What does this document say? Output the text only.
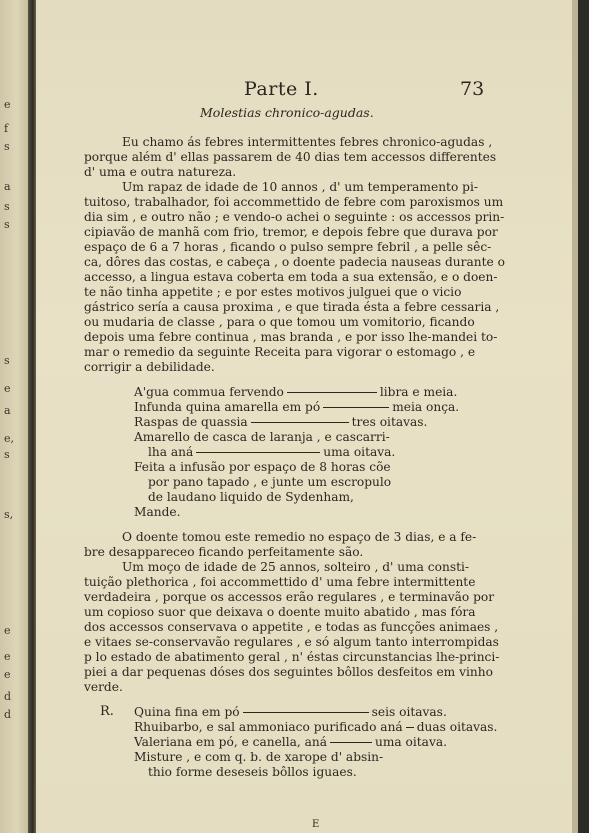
e
f
s
a
s
s
s
e
a
e,
s
s,
e
e
e
d
d
Parte I.	73
Molestias chronico-agudas.
Eu chamo ás febres intermittentes febres chronico-agudas ,
porque além d' ellas passarem de 40 dias tem accessos differentes
d' uma e outra natureza.
Um rapaz de idade de 10 annos , d' um temperamento pi-
tuitoso, trabalhador, foi accommettido de febre com paroxismos um
dia sim , e outro não ; e vendo-o achei o seguinte : os accessos prin-
cipiavão de manhã com frio, tremor, e depois febre que durava por
espaço de 6 a 7 horas , ficando o pulso sempre febril , a pelle sêc-
ca, dôres das costas, e cabeça , o doente padecia nauseas durante o
accesso, a lingua estava coberta em toda a sua extensão, e o doen-
te não tinha appetite ; e por estes motivos julguei que o vicio
gástrico sería a causa proxima , e que tirada ésta a febre cessaria ,
ou mudaria de classe , para o que tomou um vomitorio, ficando
depois uma febre continua , mas branda , e por isso lhe-mandei to-
mar o remedio da seguinte Receita para vigorar o estomago , e
corrigir a debilidade.
A'gua commua fervendo	libra e meia.
Infunda quina amarella em pó	meia onça.
Raspas de quassia	tres oitavas.
Amarello de casca de laranja , e cascarri-
lha aná	uma oitava.
Feita a infusão por espaço de 8 horas cõe
por pano tapado , e junte um escropulo
de laudano liquido de Sydenham,
Mande.
O doente tomou este remedio no espaço de 3 dias, e a fe-
bre desappareceo ficando perfeitamente são.
Um moço de idade de 25 annos, solteiro , d' uma consti-
tuição plethorica , foi accommettido d' uma febre intermittente
verdadeira , porque os accessos erão regulares , e terminavão por
um copioso suor que deixava o doente muito abatido , mas fóra
dos accessos conservava o appetite , e todas as funcções animaes ,
e vitaes se-conservavão regulares , e só algum tanto interrompidas
p lo estado de abatimento geral , n' éstas circunstancias lhe-princi-
piei a dar pequenas dóses dos seguintes bôllos desfeitos em vinho
verde.
R. Quina fina em pó	seis oitavas.
Rhuibarbo, e sal ammoniaco purificado aná duas oitavas.
Valeriana em pó, e canella, aná	uma oitava.
Misture , e com q. b. de xarope d' absin-
thio forme deseseis bôllos iguaes.
E
